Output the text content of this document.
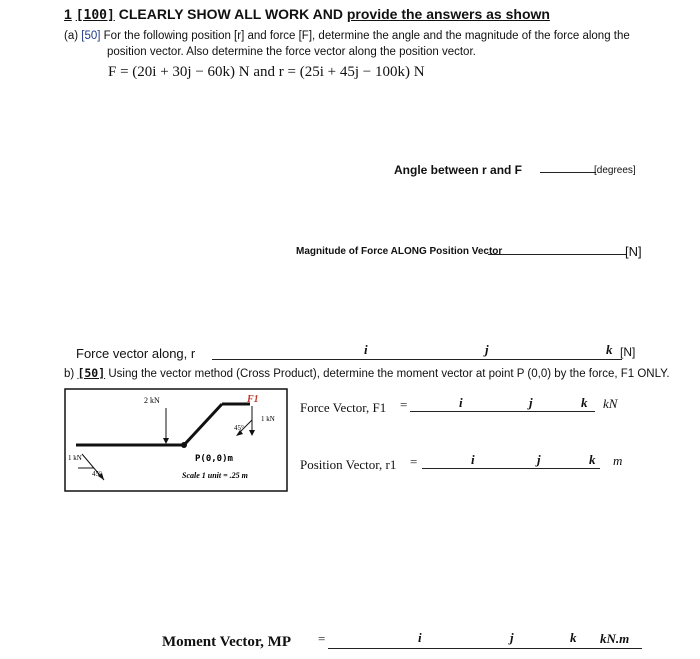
1 [100] CLEARLY SHOW ALL WORK AND provide the answers as shown
(a) [50] For the following position [r] and force [F], determine the angle and the magnitude of the force along the
position vector. Also determine the force vector along the position vector.
F = (20i + 30j − 60k) N and r = (25i + 45j − 100k) N
Angle between r and F	[degrees]
Magnitude of Force ALONG Position Vector	[N]
Force vector along, r	i	j	k [N]
b) [50] Using the vector method (Cross Product), determine the moment vector at point P (0,0) by the force, F1 ONLY.
2 kN	F1
1 kN
45°
1 kN
45°
P(0,0)m
Scale 1 unit = .25 m
Force Vector, F1 =	i	j	k kN
Position Vector, r1 =	i	j	k m
Moment Vector, MP =	i	j	k kN.m
